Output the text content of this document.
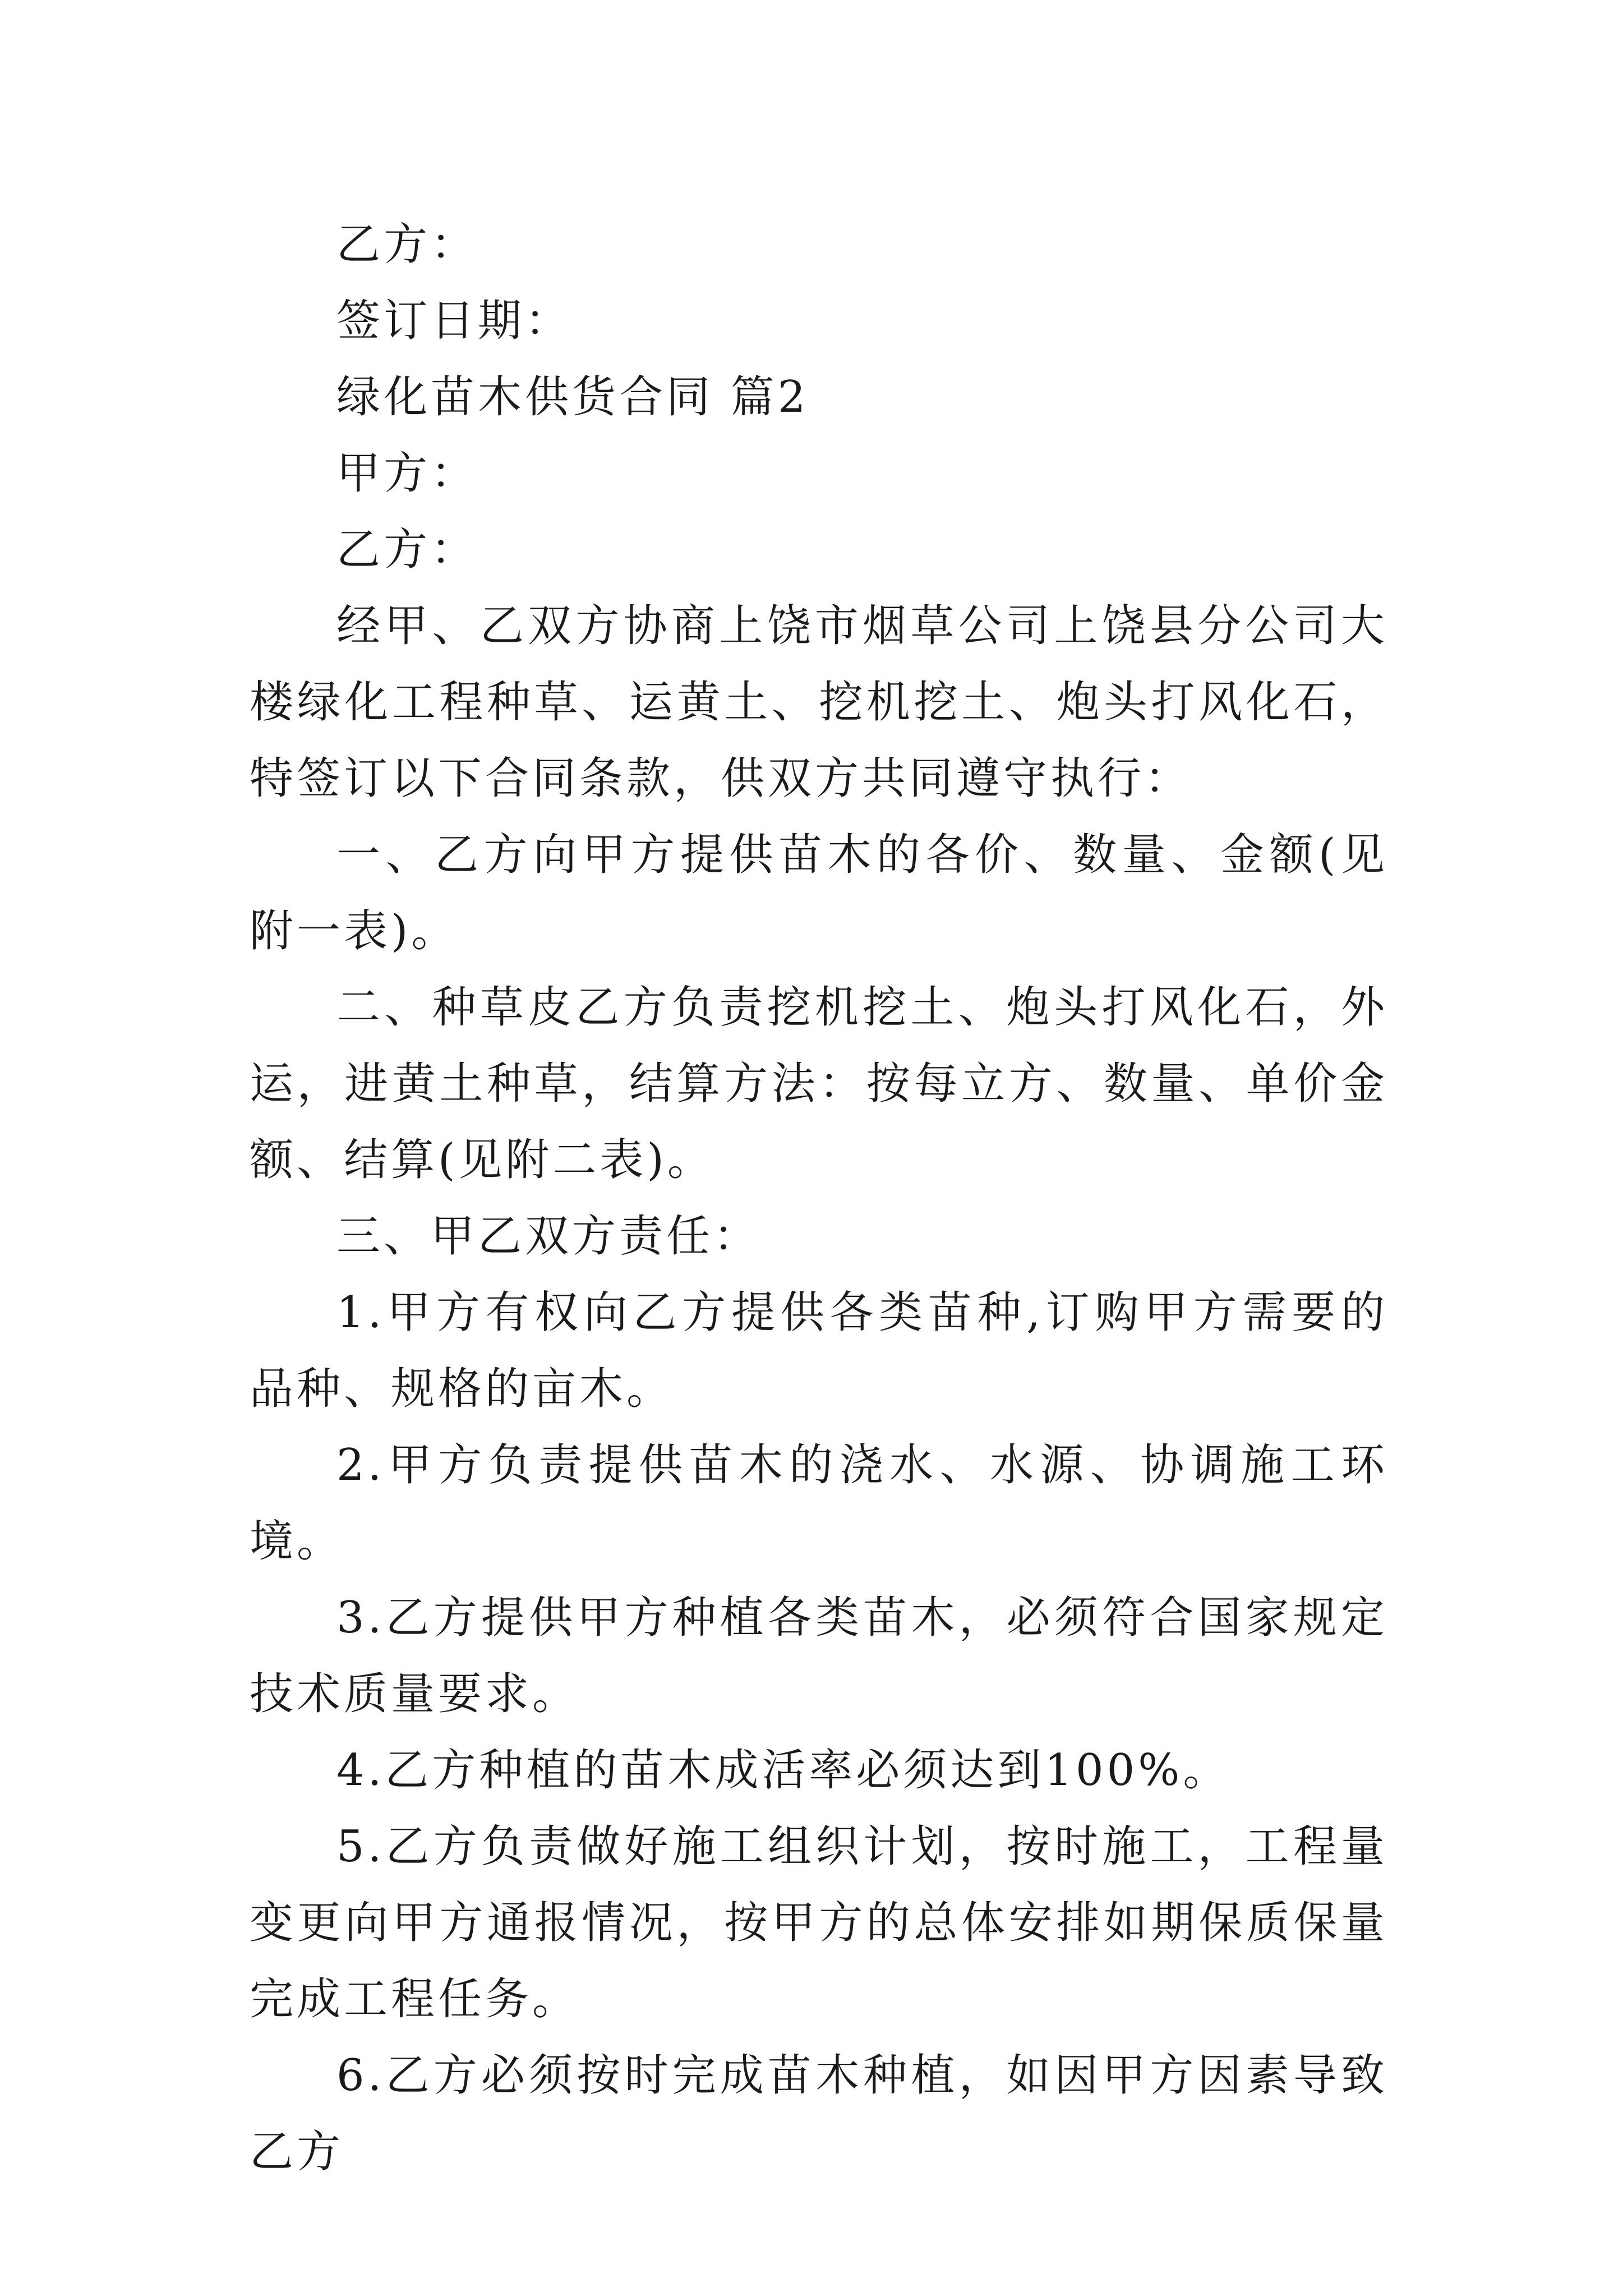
乙方：

签订日期：

绿化苗木供货合同 篇2

甲方：

乙方：

经甲、乙双方协商上饶市烟草公司上饶县分公司大楼绿化工程种草、运黄土、挖机挖土、炮头打风化石，特签订以下合同条款，供双方共同遵守执行：

一、乙方向甲方提供苗木的各价、数量、金额(见附一表)。

二、种草皮乙方负责挖机挖土、炮头打风化石，外运，进黄土种草，结算方法：按每立方、数量、单价金额、结算(见附二表)。

三、甲乙双方责任：

1.甲方有权向乙方提供各类苗种,订购甲方需要的品种、规格的亩木。

2.甲方负责提供苗木的浇水、水源、协调施工环境。

3.乙方提供甲方种植各类苗木，必须符合国家规定技术质量要求。

4.乙方种植的苗木成活率必须达到100%。

5.乙方负责做好施工组织计划，按时施工，工程量变更向甲方通报情况，按甲方的总体安排如期保质保量完成工程任务。

6.乙方必须按时完成苗木种植，如因甲方因素导致乙方
